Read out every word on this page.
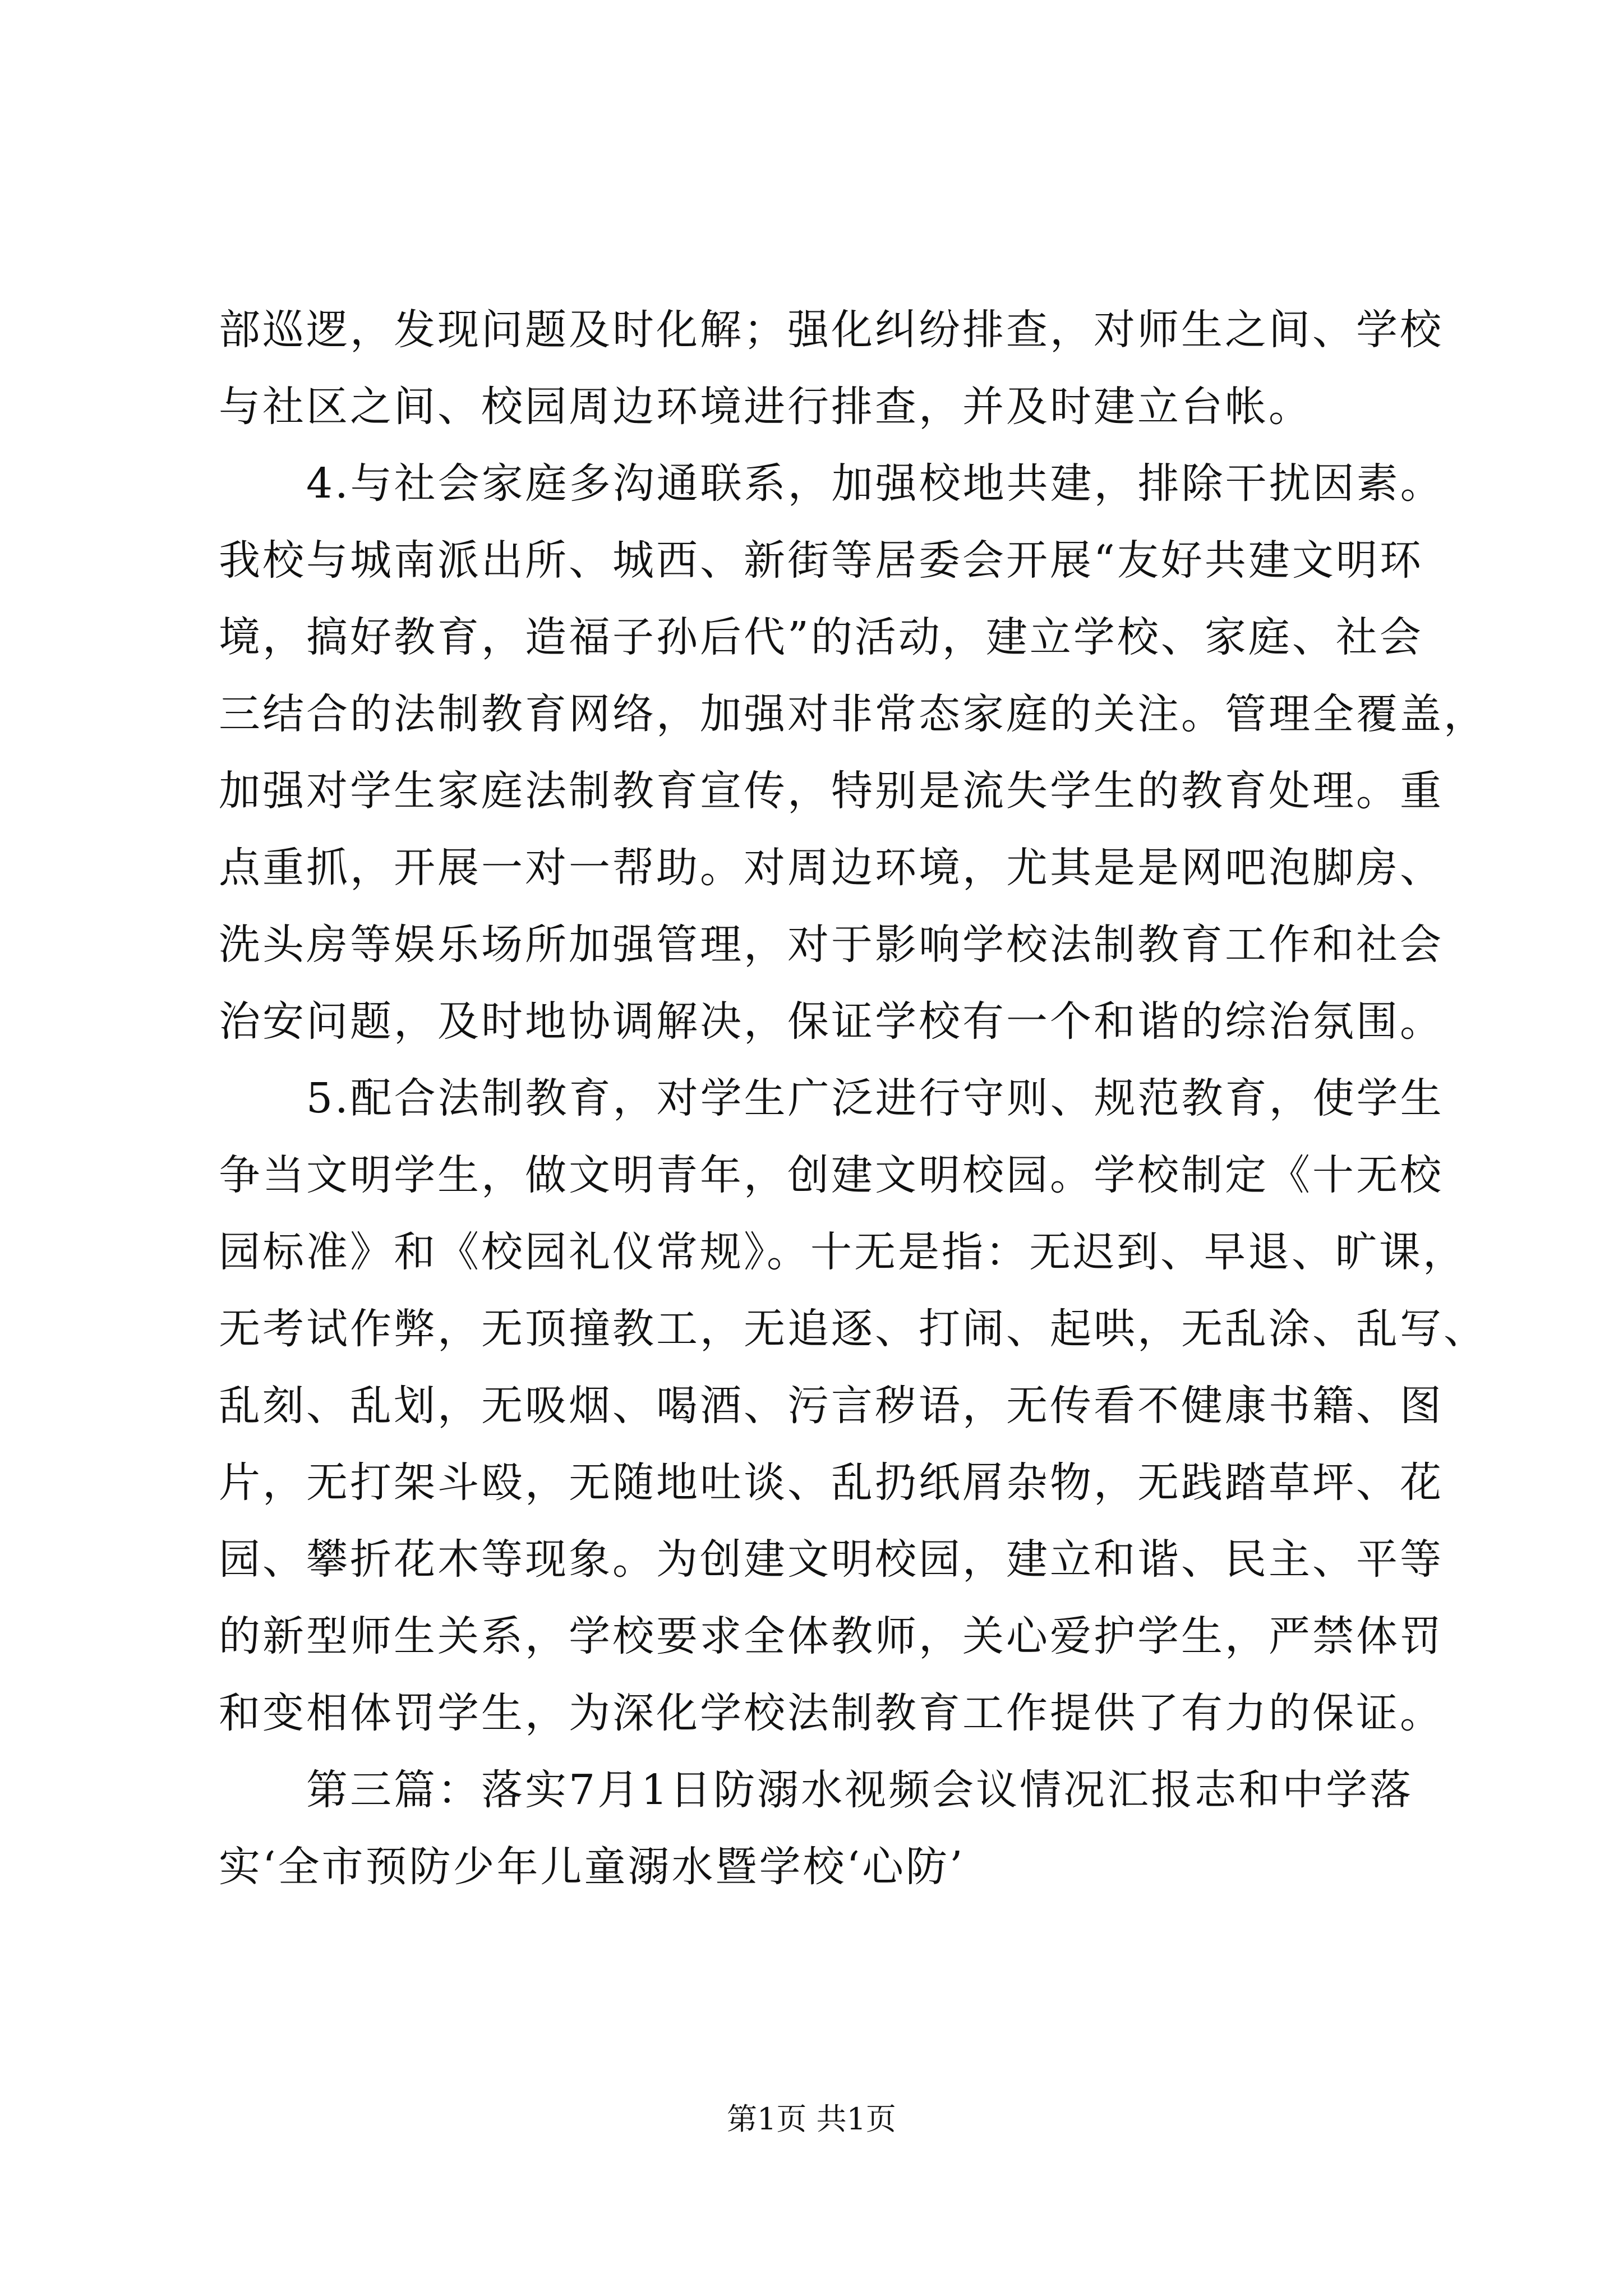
部巡逻，发现问题及时化解；强化纠纷排查，对师生之间、学校
与社区之间、校园周边环境进行排查，并及时建立台帐。
　　4.与社会家庭多沟通联系，加强校地共建，排除干扰因素。
我校与城南派出所、城西、新街等居委会开展“友好共建文明环
境，搞好教育，造福子孙后代”的活动，建立学校、家庭、社会
三结合的法制教育网络，加强对非常态家庭的关注。管理全覆盖，
加强对学生家庭法制教育宣传，特别是流失学生的教育处理。重
点重抓，开展一对一帮助。对周边环境，尤其是是网吧泡脚房、
洗头房等娱乐场所加强管理，对于影响学校法制教育工作和社会
治安问题，及时地协调解决，保证学校有一个和谐的综治氛围。
　　5.配合法制教育，对学生广泛进行守则、规范教育，使学生
争当文明学生，做文明青年，创建文明校园。学校制定《十无校
园标准》和《校园礼仪常规》。十无是指：无迟到、早退、旷课，
无考试作弊，无顶撞教工，无追逐、打闹、起哄，无乱涂、乱写、
乱刻、乱划，无吸烟、喝酒、污言秽语，无传看不健康书籍、图
片，无打架斗殴，无随地吐谈、乱扔纸屑杂物，无践踏草坪、花
园、攀折花木等现象。为创建文明校园，建立和谐、民主、平等
的新型师生关系，学校要求全体教师，关心爱护学生，严禁体罚
和变相体罚学生，为深化学校法制教育工作提供了有力的保证。
　　第三篇：落实7月1日防溺水视频会议情况汇报志和中学落
实‘全市预防少年儿童溺水暨学校‘心防’
第1页 共1页
